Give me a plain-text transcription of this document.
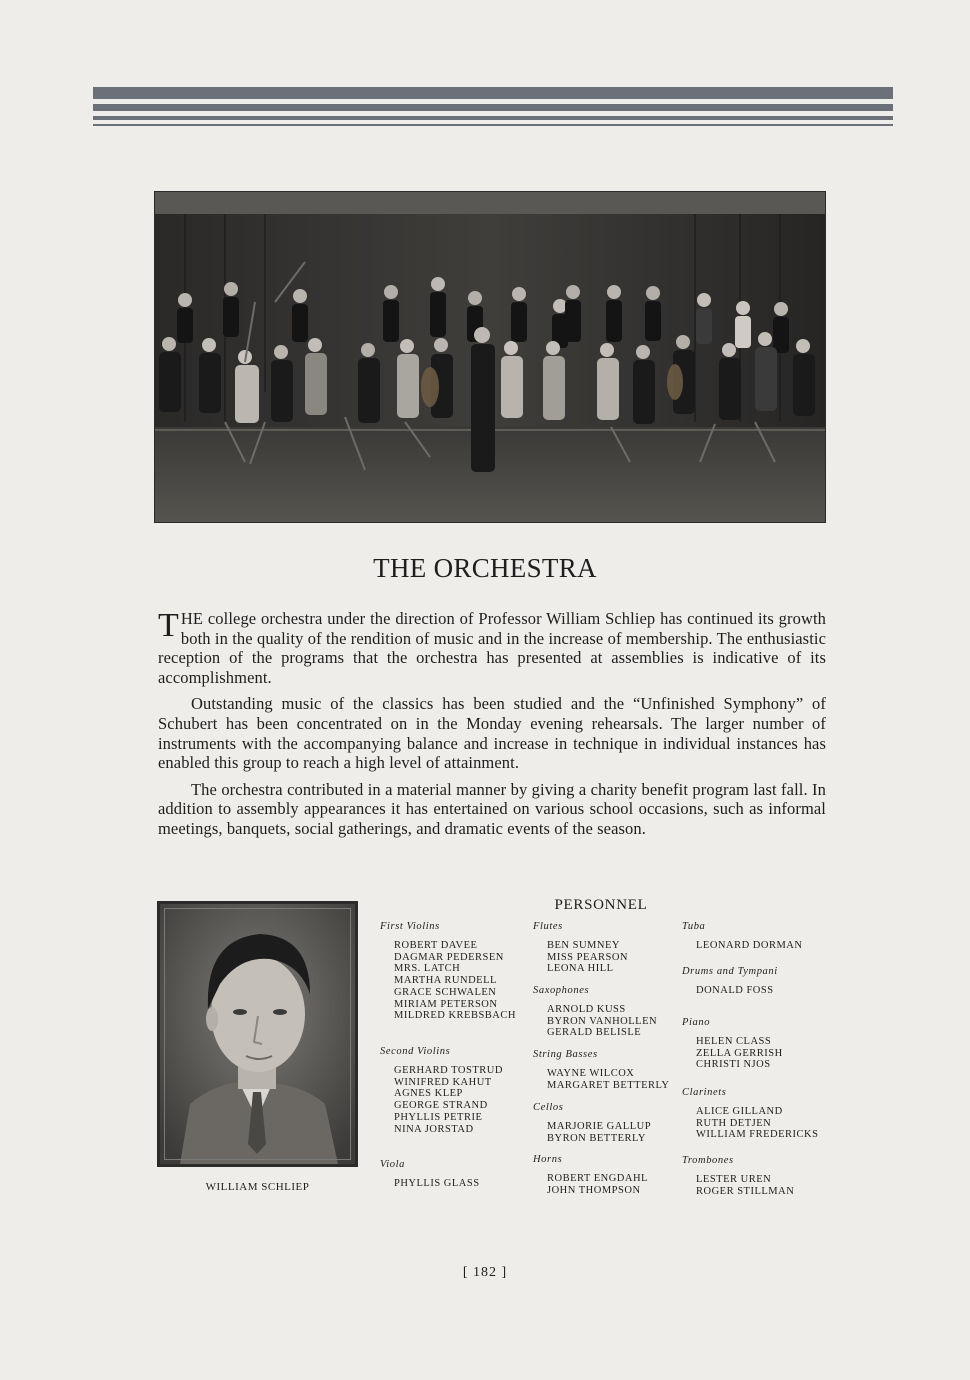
THE ORCHESTRA

THE college orchestra under the direction of Professor William Schliep has continued its growth both in the quality of the rendition of music and in the increase of membership. The enthusiastic reception of the programs that the orchestra has presented at assemblies is indicative of its accomplishment.

Outstanding music of the classics has been studied and the “Unfinished Symphony” of Schubert has been concentrated on in the Monday evening rehearsals. The larger number of instruments with the accompanying balance and increase in technique in individual instances has enabled this group to reach a high level of attainment.

The orchestra contributed in a material manner by giving a charity benefit program last fall. In addition to assembly appearances it has entertained on various school occasions, such as informal meetings, banquets, social gatherings, and dramatic events of the season.

WILLIAM SCHLIEP
PERSONNEL
First Violins
ROBERT DAVEE
DAGMAR PEDERSEN
MRS. LATCH
MARTHA RUNDELL
GRACE SCHWALEN
MIRIAM PETERSON
MILDRED KREBSBACH
Second Violins
GERHARD TOSTRUD
WINIFRED KAHUT
AGNES KLEP
GEORGE STRAND
PHYLLIS PETRIE
NINA JORSTAD
Viola
PHYLLIS GLASS
Flutes
BEN SUMNEY
MISS PEARSON
LEONA HILL
Saxophones
ARNOLD KUSS
BYRON VANHOLLEN
GERALD BELISLE
String Basses
WAYNE WILCOX
MARGARET BETTERLY
Cellos
MARJORIE GALLUP
BYRON BETTERLY
Horns
ROBERT ENGDAHL
JOHN THOMPSON
Tuba
LEONARD DORMAN
Drums and Tympani
DONALD FOSS
Piano
HELEN CLASS
ZELLA GERRISH
CHRISTI NJOS
Clarinets
ALICE GILLAND
RUTH DETJEN
WILLIAM FREDERICKS
Trombones
LESTER UREN
ROGER STILLMAN
[ 182 ]
